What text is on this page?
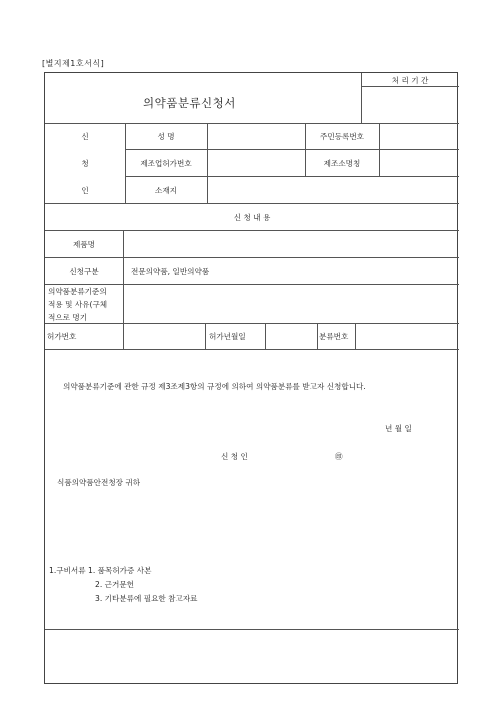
[별지제1호서식]
의약품분류신청서
처 리 기 간
신
청
인
성 명	주민등록번호
제조업허가번호	제조소명칭
소재지
신 청 내 용
제품명
신청구분	전문의약품, 일반의약품
의약품분류기준의
적용 및 사유(구체
적으로 명기
허가번호	허가년월일	분류번호
의약품분류기준에 관한 규정 제3조제3항의 규정에 의하여 의약품분류를 받고자 신청합니다.
년 월 일
신 청 인	㊞
식품의약품안전청장 귀하
1.구비서류 1. 품목허가증 사본
2. 근거문헌
3. 기타분류에 필요한 참고자료
